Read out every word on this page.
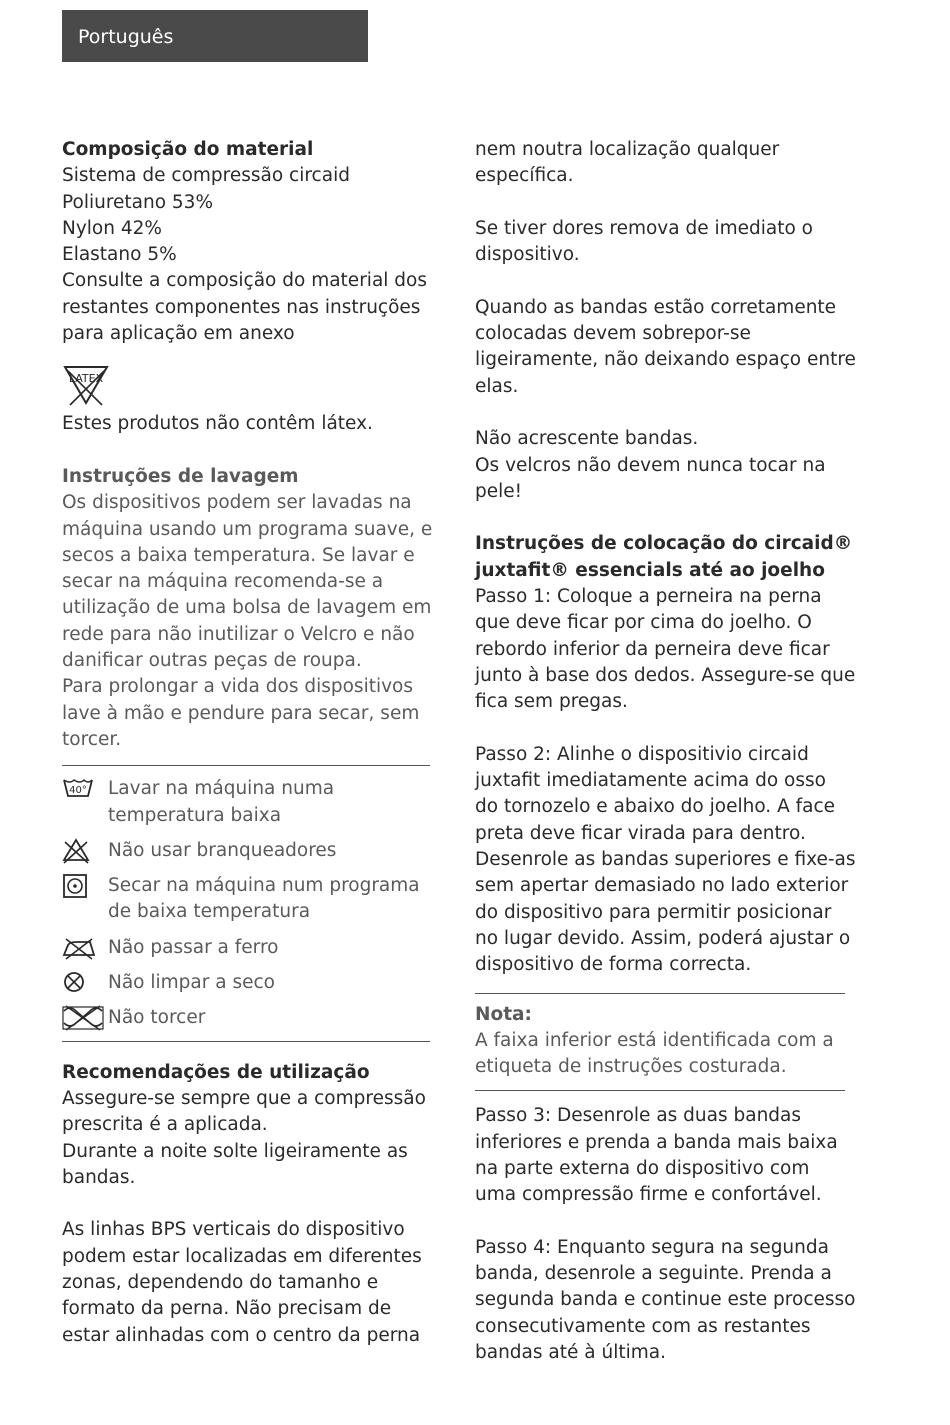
Português
Composição do material
Sistema de compressão circaid
Poliuretano 53%
Nylon 42%
Elastano 5%
Consulte a composição do material dos
restantes componentes nas instruções
para aplicação em anexo
LATEX
Estes produtos não contêm látex.
Instruções de lavagem
Os dispositivos podem ser lavadas na
máquina usando um programa suave, e
secos a baixa temperatura. Se lavar e
secar na máquina recomenda-se a
utilização de uma bolsa de lavagem em
rede para não inutilizar o Velcro e não
danificar outras peças de roupa.
Para prolongar a vida dos dispositivos
lave à mão e pendure para secar, sem
torcer.
40° Lavar na máquina numa
temperatura baixa
Não usar branqueadores
Secar na máquina num programa
de baixa temperatura
Não passar a ferro
Não limpar a seco
Não torcer
Recomendações de utilização
Assegure-se sempre que a compressão
prescrita é a aplicada.
Durante a noite solte ligeiramente as
bandas.
As linhas BPS verticais do dispositivo
podem estar localizadas em diferentes
zonas, dependendo do tamanho e
formato da perna. Não precisam de
estar alinhadas com o centro da perna
nem noutra localização qualquer
específica.
Se tiver dores remova de imediato o
dispositivo.
Quando as bandas estão corretamente
colocadas devem sobrepor-se
ligeiramente, não deixando espaço entre
elas.
Não acrescente bandas.
Os velcros não devem nunca tocar na
pele!
Instruções de colocação do circaid®
juxtafit® essencials até ao joelho
Passo 1: Coloque a perneira na perna
que deve ficar por cima do joelho. O
rebordo inferior da perneira deve ficar
junto à base dos dedos. Assegure-se que
fica sem pregas.
Passo 2: Alinhe o dispositivio circaid
juxtafit imediatamente acima do osso
do tornozelo e abaixo do joelho. A face
preta deve ficar virada para dentro.
Desenrole as bandas superiores e fixe-as
sem apertar demasiado no lado exterior
do dispositivo para permitir posicionar
no lugar devido. Assim, poderá ajustar o
dispositivo de forma correcta.
Nota:
A faixa inferior está identificada com a
etiqueta de instruções costurada.
Passo 3: Desenrole as duas bandas
inferiores e prenda a banda mais baixa
na parte externa do dispositivo com
uma compressão firme e confortável.
Passo 4: Enquanto segura na segunda
banda, desenrole a seguinte. Prenda a
segunda banda e continue este processo
consecutivamente com as restantes
bandas até à última.
